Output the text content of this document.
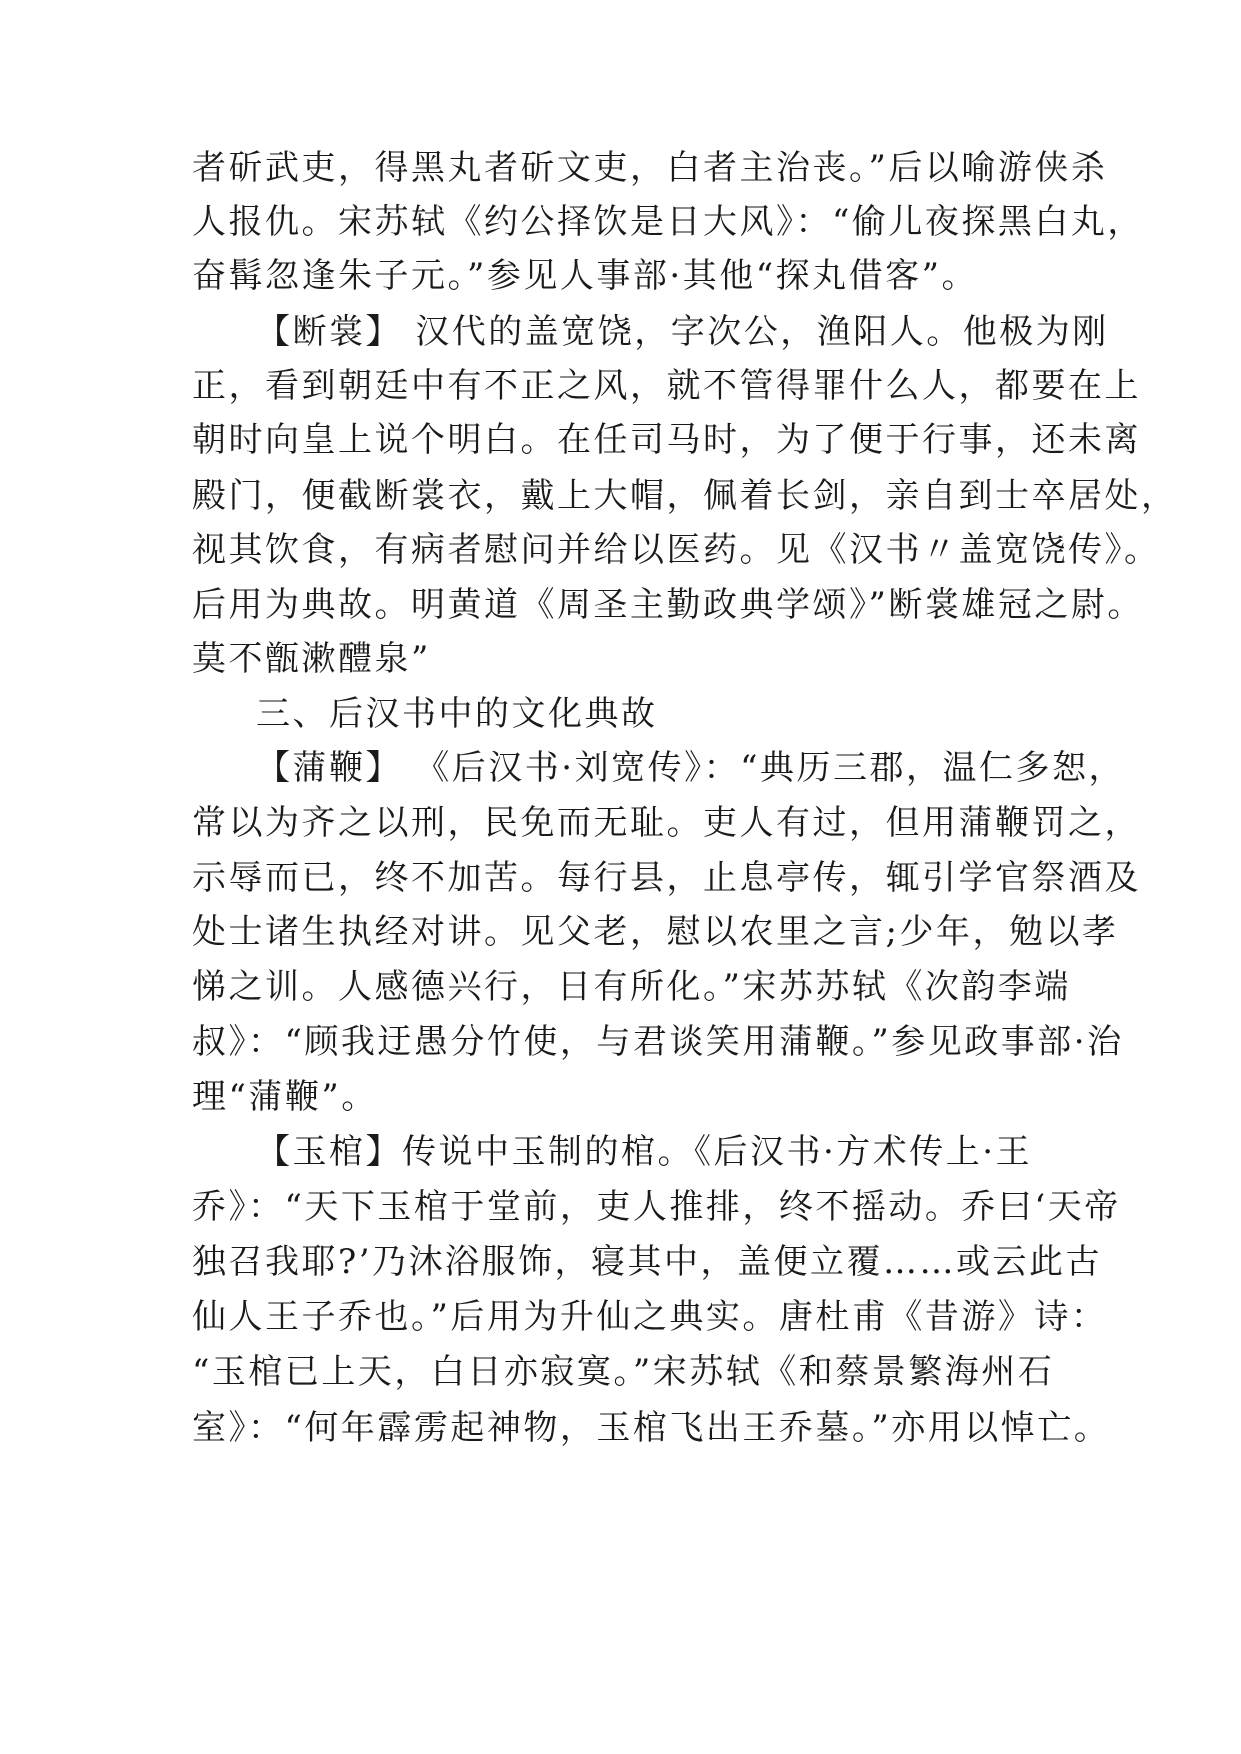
者斫武吏，得黑丸者斫文吏，白者主治丧。”后以喻游侠杀
人报仇。宋苏轼《约公择饮是日大风》：“偷儿夜探黑白丸，
奋髯忽逢朱子元。”参见人事部·其他“探丸借客”。
【断裳】 汉代的盖宽饶，字次公，渔阳人。他极为刚
正，看到朝廷中有不正之风，就不管得罪什么人，都要在上
朝时向皇上说个明白。在任司马时，为了便于行事，还未离
殿门，便截断裳衣，戴上大帽，佩着长剑，亲自到士卒居处，
视其饮食，有病者慰问并给以医药。见《汉书〃盖宽饶传》。
后用为典故。明黄道《周圣主勤政典学颂》”断裳雄冠之尉。
莫不甑漱醴泉”
三、后汉书中的文化典故
【蒲鞭】 《后汉书·刘宽传》：“典历三郡，温仁多恕，
常以为齐之以刑，民免而无耻。吏人有过，但用蒲鞭罚之，
示辱而已，终不加苦。每行县，止息亭传，辄引学官祭酒及
处士诸生执经对讲。见父老，慰以农里之言;少年，勉以孝
悌之训。人感德兴行，日有所化。”宋苏苏轼《次韵李端
叔》：“顾我迂愚分竹使，与君谈笑用蒲鞭。”参见政事部·治
理“蒲鞭”。
【玉棺】传说中玉制的棺。《后汉书·方术传上·王
乔》：“天下玉棺于堂前，吏人推排，终不摇动。乔曰‘天帝
独召我耶?’乃沐浴服饰，寝其中，盖便立覆……或云此古
仙人王子乔也。”后用为升仙之典实。唐杜甫《昔游》诗：
“玉棺已上天，白日亦寂寞。”宋苏轼《和蔡景繁海州石
室》：“何年霹雳起神物，玉棺飞出王乔墓。”亦用以悼亡。
